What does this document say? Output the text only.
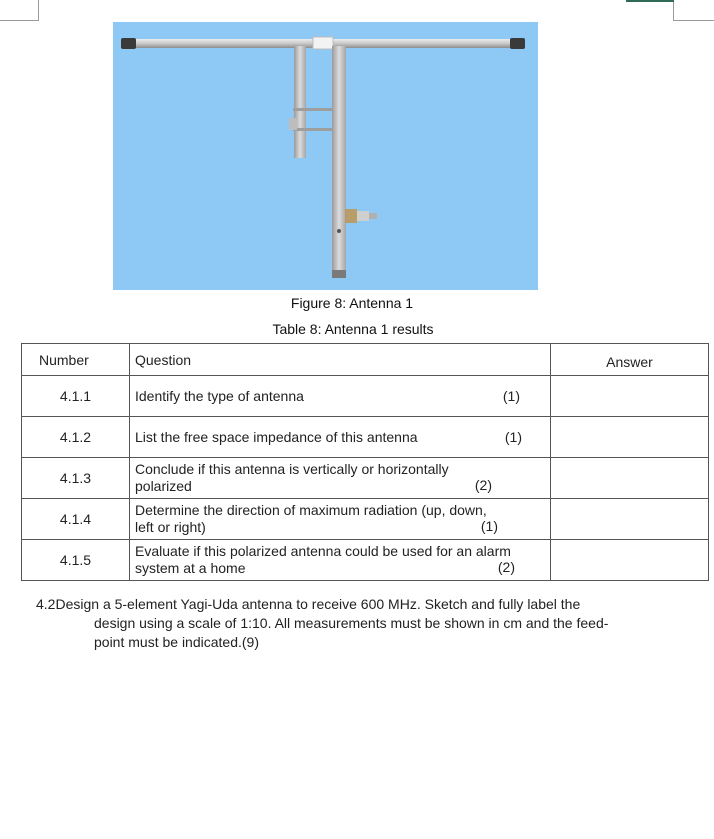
Figure 8: Antenna 1
Table 8: Antenna 1 results
Number	Question	Answer
4.1.1	Identify the type of antenna (1)	

4.1.2	List the free space impedance of this antenna (1)	

4.1.3	Conclude if this antenna is vertically or horizontally polarized (2)	

4.1.4	Determine the direction of maximum radiation (up, down, left or right) (1)	

4.1.5	Evaluate if this polarized antenna could be used for an alarm system at a home (2)	

4.2Design a 5-element Yagi-Uda antenna to receive 600 MHz. Sketch and fully label the design using a scale of 1:10. All measurements must be shown in cm and the feed-point must be indicated.(9)
